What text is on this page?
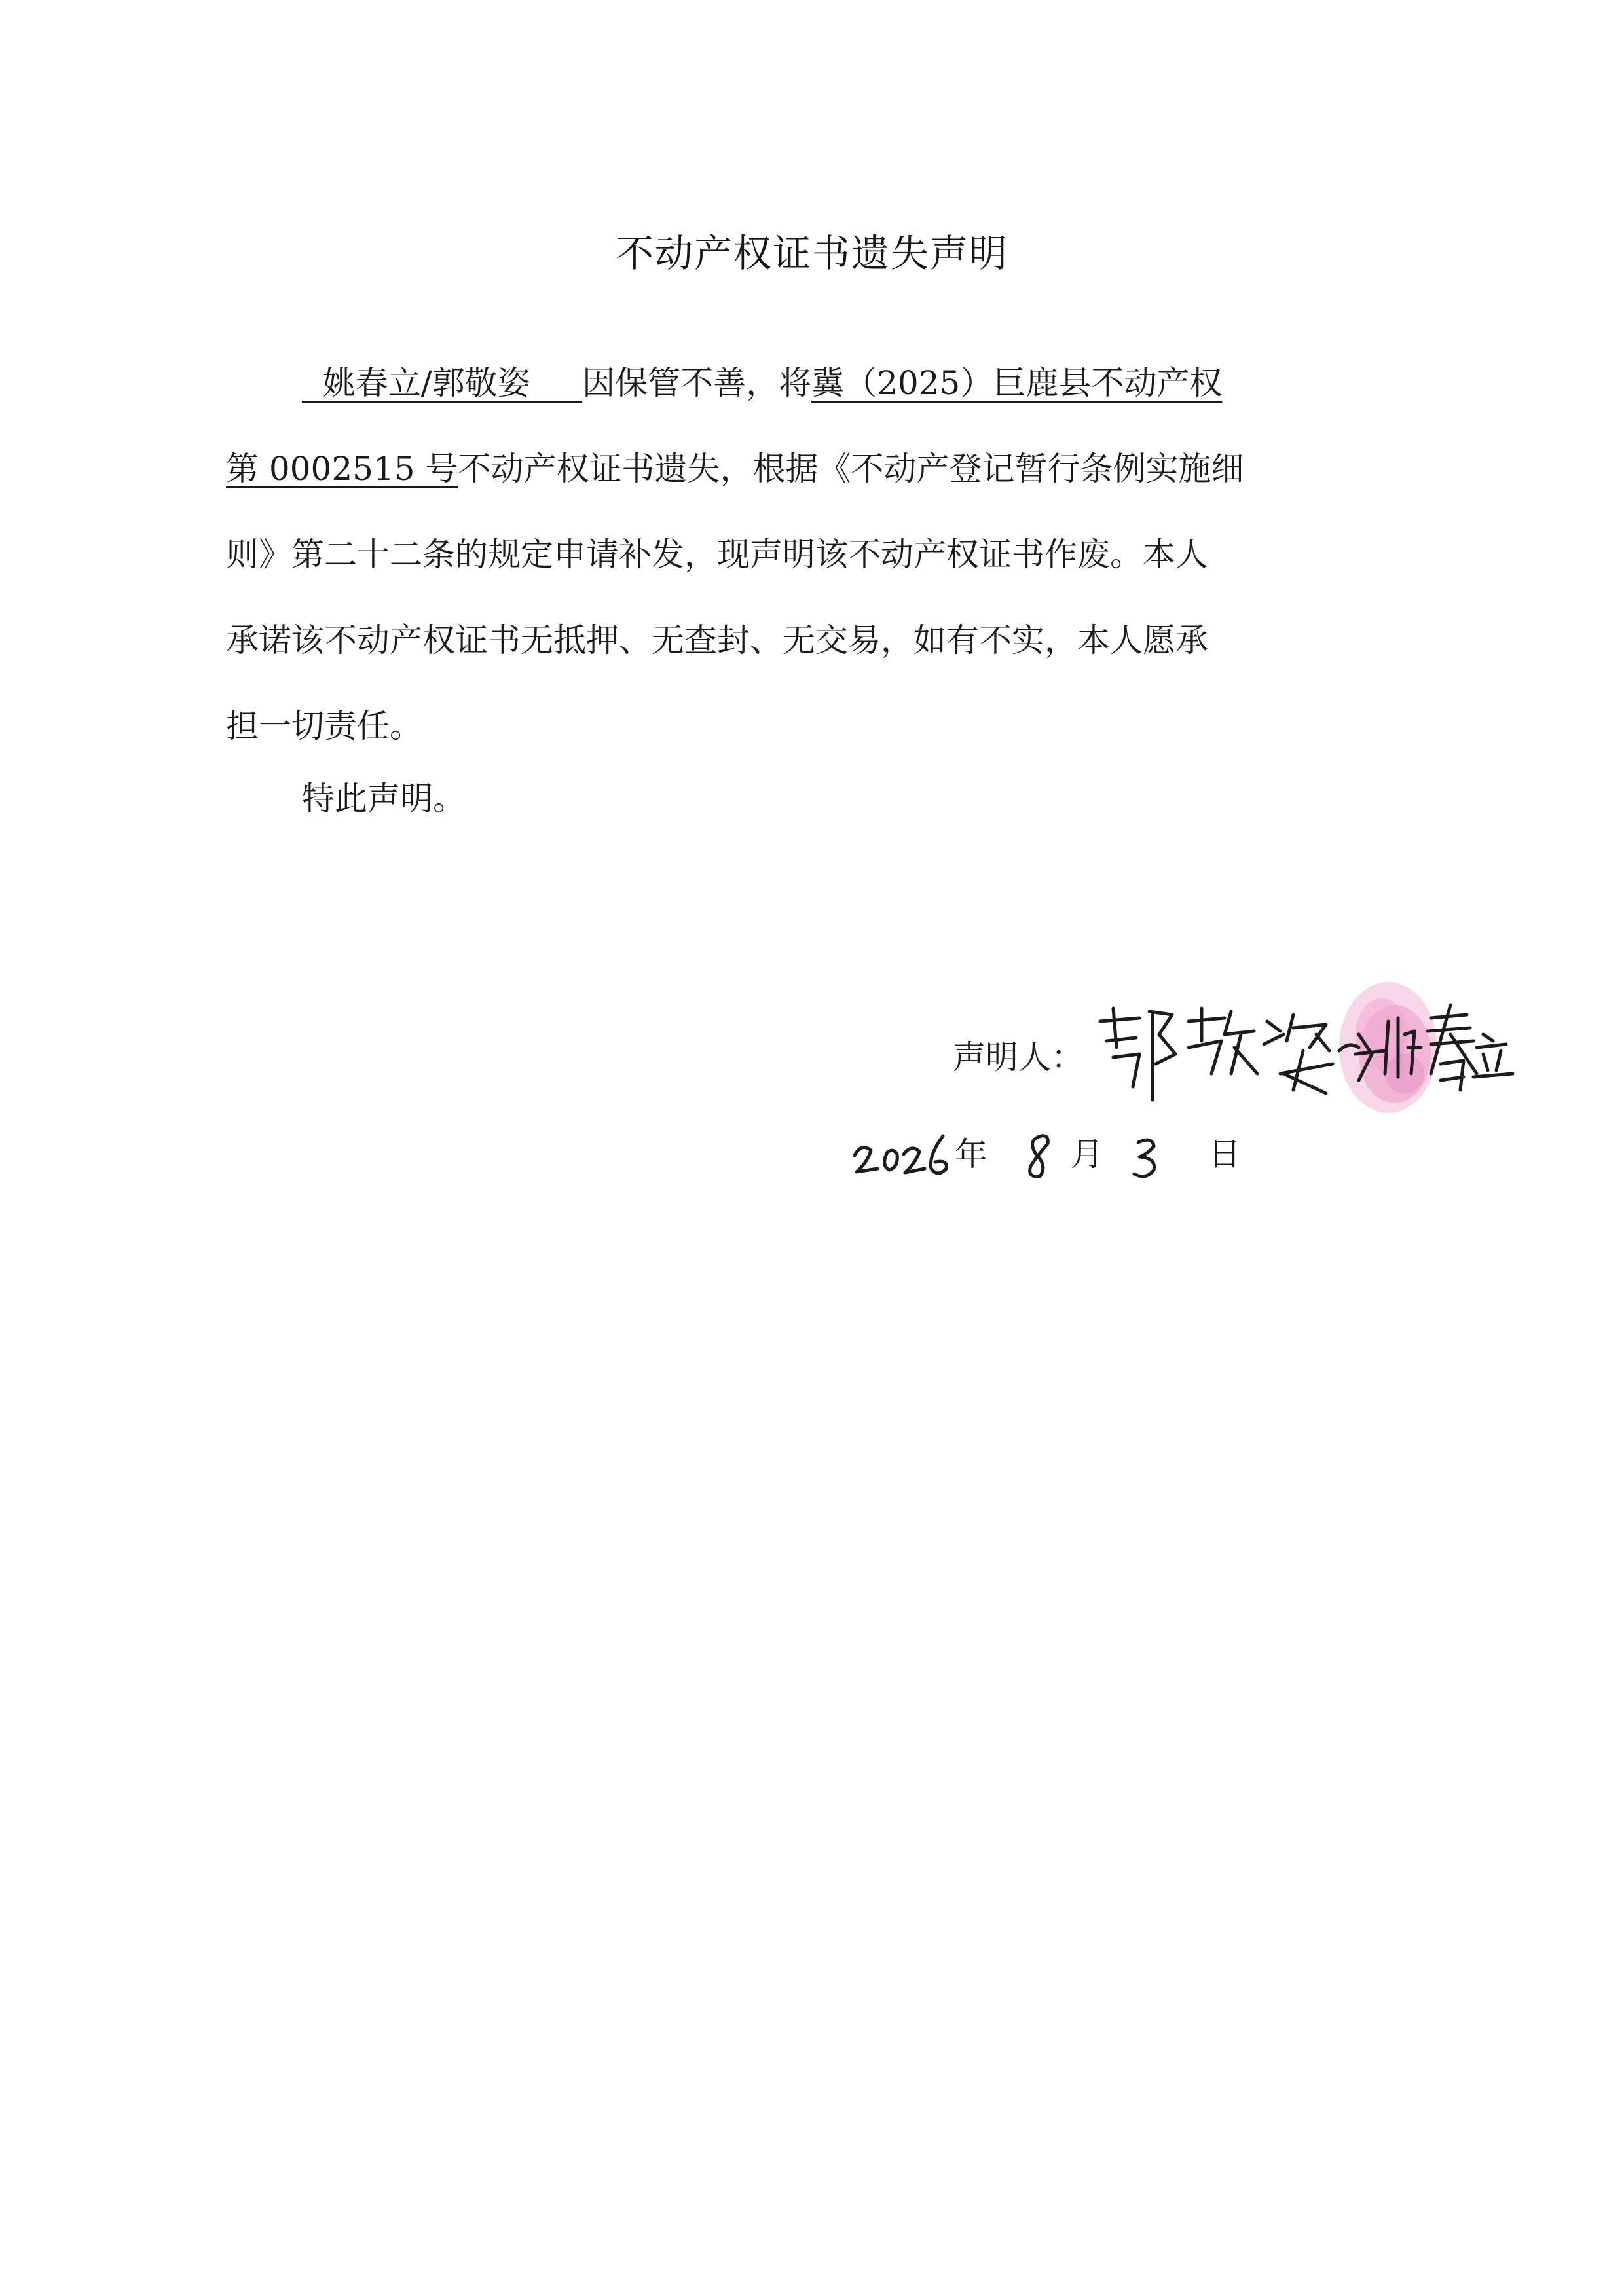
不动产权证书遗失声明
姚春立/郭敬姿 因保管不善，将冀（2025）巨鹿县不动产权
第 0002515 号不动产权证书遗失，根据《不动产登记暂行条例实施细
则》第二十二条的规定申请补发，现声明该不动产权证书作废。本人
承诺该不动产权证书无抵押、无查封、无交易，如有不实，本人愿承
担一切责任。
特此声明。
声明人：	郭敬姿 姚春立
年	月	日
